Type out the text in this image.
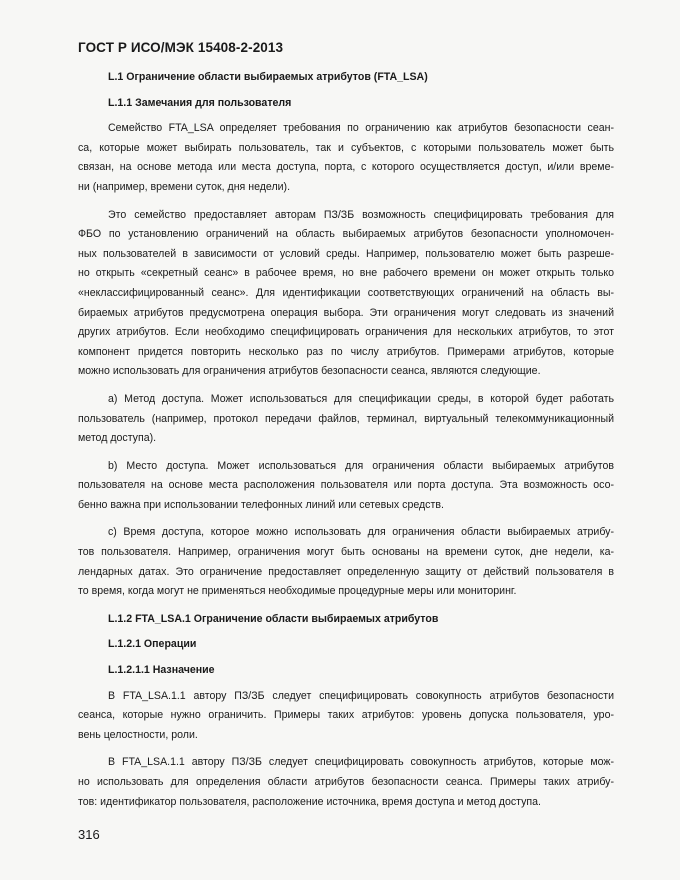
ГОСТ Р ИСО/МЭК 15408-2-2013
L.1 Ограничение области выбираемых атрибутов (FTA_LSA)
L.1.1 Замечания для пользователя
Семейство FTA_LSA определяет требования по ограничению как атрибутов безопасности сеан-
са, которые может выбирать пользователь, так и субъектов, с которыми пользователь может быть
связан, на основе метода или места доступа, порта, с которого осуществляется доступ, и/или време-
ни (например, времени суток, дня недели).
Это семейство предоставляет авторам ПЗ/ЗБ возможность специфицировать требования для
ФБО по установлению ограничений на область выбираемых атрибутов безопасности уполномочен-
ных пользователей в зависимости от условий среды. Например, пользователю может быть разреше-
но открыть «секретный сеанс» в рабочее время, но вне рабочего времени он может открыть только
«неклассифицированный сеанс». Для идентификации соответствующих ограничений на область вы-
бираемых атрибутов предусмотрена операция выбора. Эти ограничения могут следовать из значений
других атрибутов. Если необходимо специфицировать ограничения для нескольких атрибутов, то этот
компонент придется повторить несколько раз по числу атрибутов. Примерами атрибутов, которые
можно использовать для ограничения атрибутов безопасности сеанса, являются следующие.
а) Метод доступа. Может использоваться для спецификации среды, в которой будет работать
пользователь (например, протокол передачи файлов, терминал, виртуальный телекоммуникационный
метод доступа).
b) Место доступа. Может использоваться для ограничения области выбираемых атрибутов
пользователя на основе места расположения пользователя или порта доступа. Эта возможность осо-
бенно важна при использовании телефонных линий или сетевых средств.
с) Время доступа, которое можно использовать для ограничения области выбираемых атрибу-
тов пользователя. Например, ограничения могут быть основаны на времени суток, дне недели, ка-
лендарных датах. Это ограничение предоставляет определенную защиту от действий пользователя в
то время, когда могут не применяться необходимые процедурные меры или мониторинг.
L.1.2 FTA_LSA.1 Ограничение области выбираемых атрибутов
L.1.2.1 Операции
L.1.2.1.1 Назначение
В FTA_LSA.1.1 автору ПЗ/ЗБ следует специфицировать совокупность атрибутов безопасности
сеанса, которые нужно ограничить. Примеры таких атрибутов: уровень допуска пользователя, уро-
вень целостности, роли.
В FTA_LSA.1.1 автору ПЗ/ЗБ следует специфицировать совокупность атрибутов, которые мож-
но использовать для определения области атрибутов безопасности сеанса. Примеры таких атрибу-
тов: идентификатор пользователя, расположение источника, время доступа и метод доступа.
316
